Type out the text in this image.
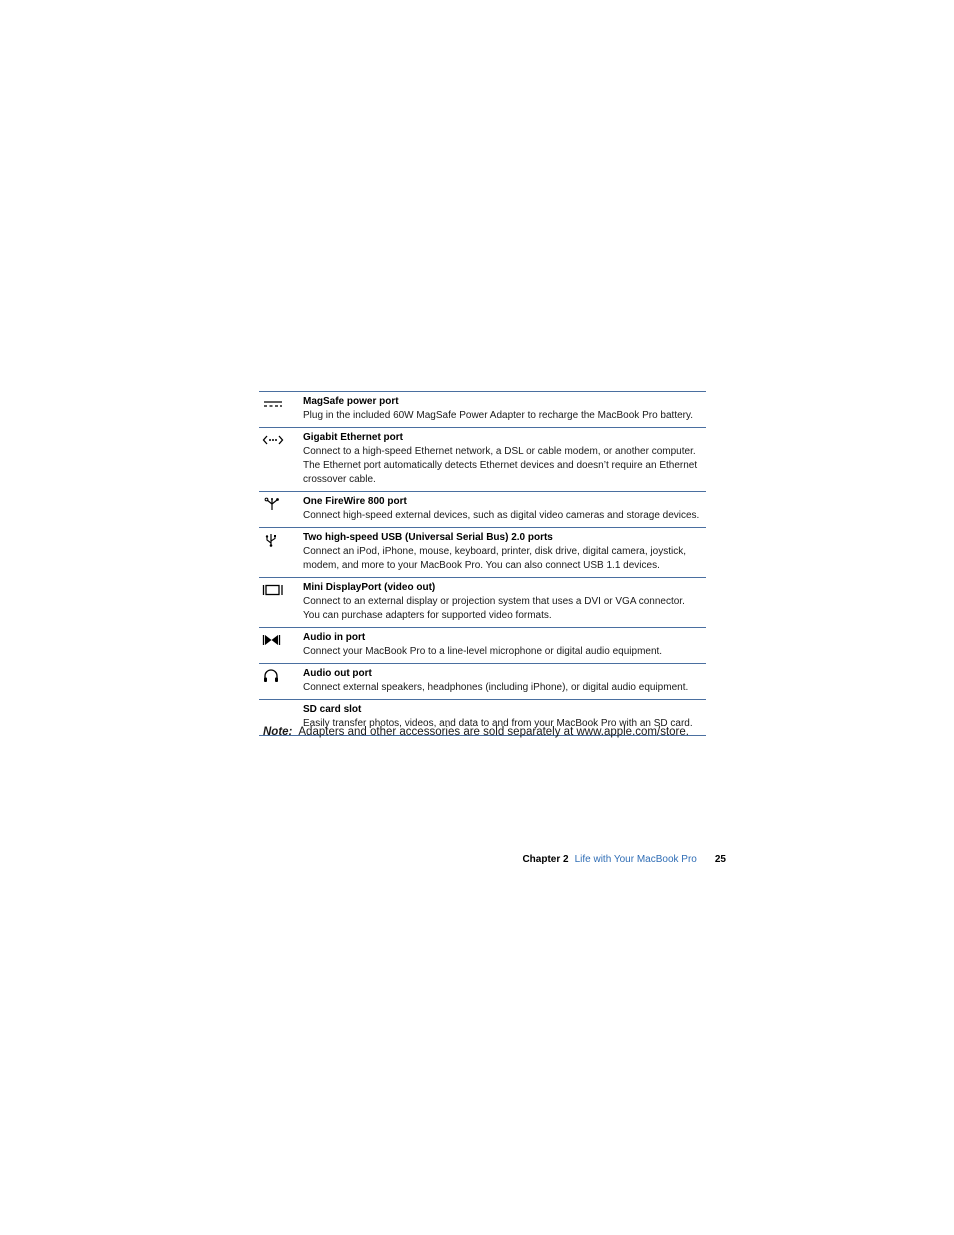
MagSafe power port
Plug in the included 60W MagSafe Power Adapter to recharge the MacBook Pro battery.
Gigabit Ethernet port
Connect to a high-speed Ethernet network, a DSL or cable modem, or another computer.
The Ethernet port automatically detects Ethernet devices and doesn’t require an Ethernet
crossover cable.
One FireWire 800 port
Connect high-speed external devices, such as digital video cameras and storage devices.
Two high-speed USB (Universal Serial Bus) 2.0 ports
Connect an iPod, iPhone, mouse, keyboard, printer, disk drive, digital camera, joystick,
modem, and more to your MacBook Pro. You can also connect USB 1.1 devices.
Mini DisplayPort (video out)
Connect to an external display or projection system that uses a DVI or VGA connector.
You can purchase adapters for supported video formats.
Audio in port
Connect your MacBook Pro to a line-level microphone or digital audio equipment.
Audio out port
Connect external speakers, headphones (including iPhone), or digital audio equipment.
SD card slot
Easily transfer photos, videos, and data to and from your MacBook Pro with an SD card.
Note: Adapters and other accessories are sold separately at www.apple.com/store.
Chapter 2 Life with Your MacBook Pro 25
